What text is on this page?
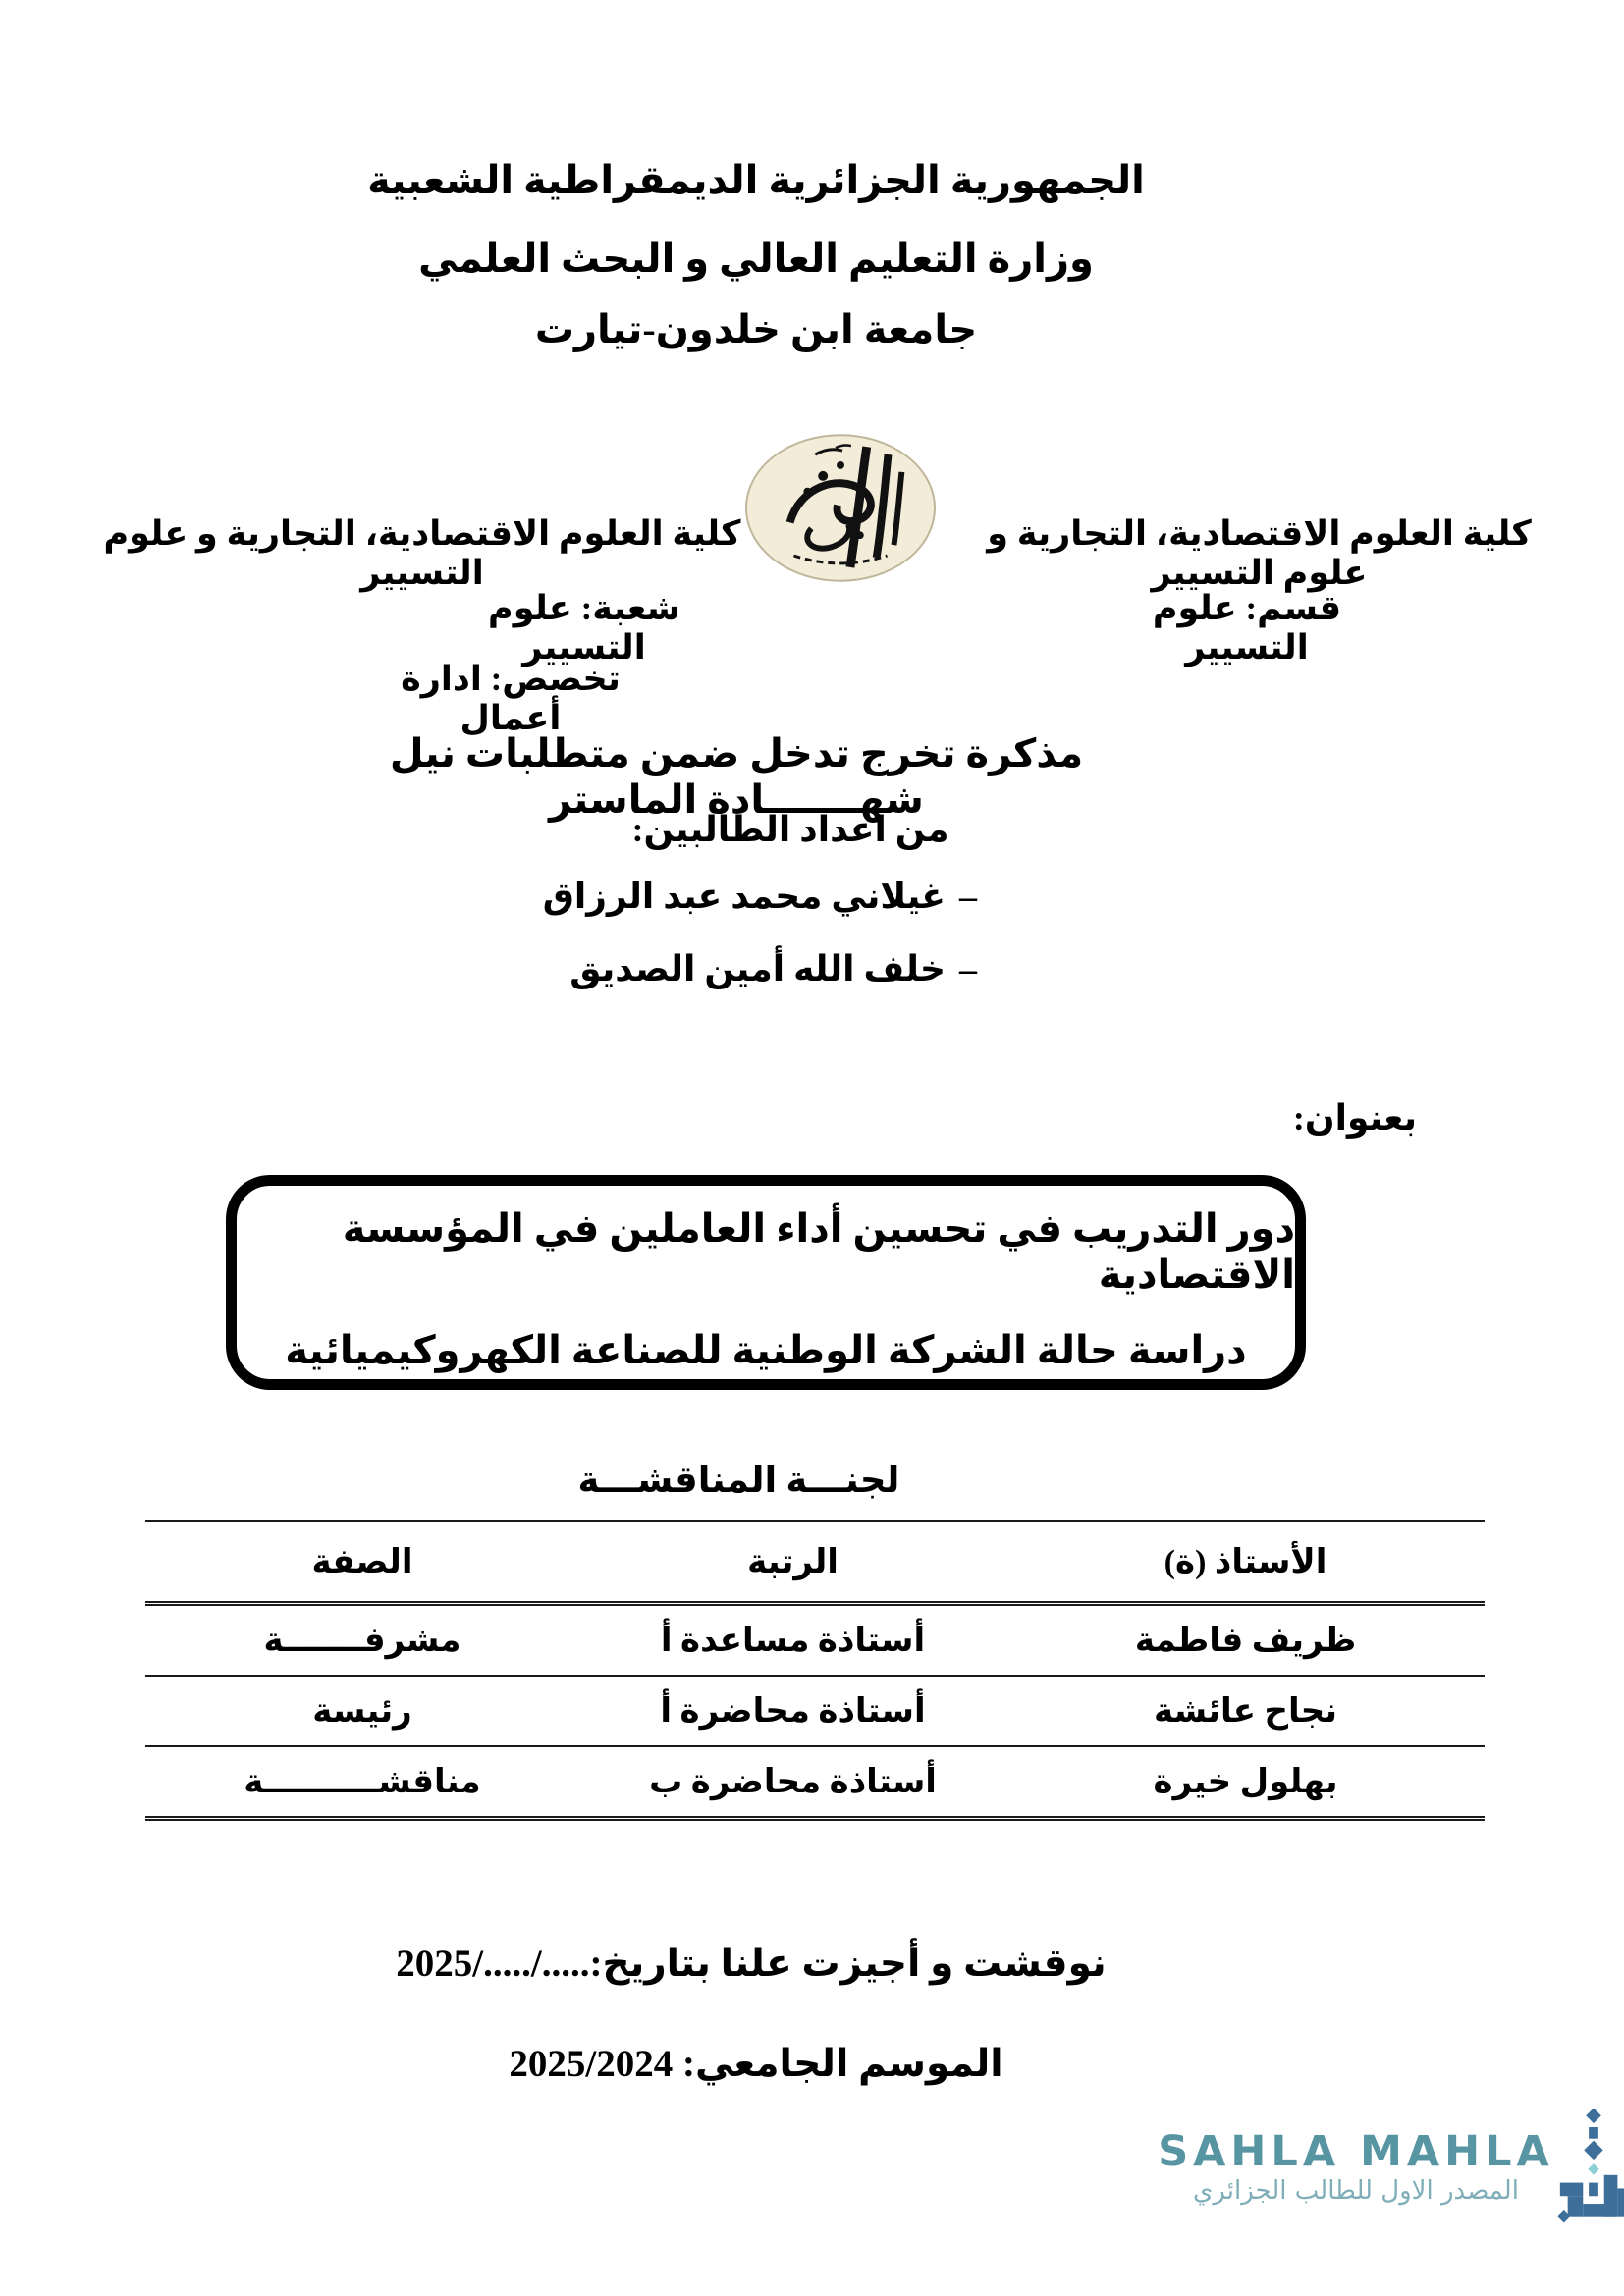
الجمهورية الجزائرية الديمقراطية الشعبية
وزارة التعليم العالي و البحث العلمي
جامعة ابن خلدون-تيارت
كلية العلوم الاقتصادية، التجارية و علوم التسيير
كلية العلوم الاقتصادية، التجارية و علوم التسيير
قسم: علوم التسيير
شعبة: علوم التسيير
تخصص: ادارة أعمال
مذكرة تخرج تدخل ضمن متطلبات نيل شهـــــــادة الماستر
من اعداد الطالبين:
–غيلاني محمد عبد الرزاق
–خلف الله أمين الصديق
بعنوان:
دور التدريب في تحسين أداء العاملين في المؤسسة الاقتصادية
دراسة حالة الشركة الوطنية للصناعة الكهروكيميائية
لجنـــة المناقشـــة
الأستاذ (ة)	الرتبة	الصفة
ظريف فاطمة	أستاذة مساعدة أ	مشرفـــــــة
نجاح عائشة	أستاذة محاضرة أ	رئيسة
بهلول خيرة	أستاذة محاضرة ب	مناقشــــــــــة
نوقشت و أجيزت علنا بتاريخ:...../...../2025
الموسم الجامعي: 2025/2024
SAHLA MAHLA
المصدر الاول للطالب الجزائري
